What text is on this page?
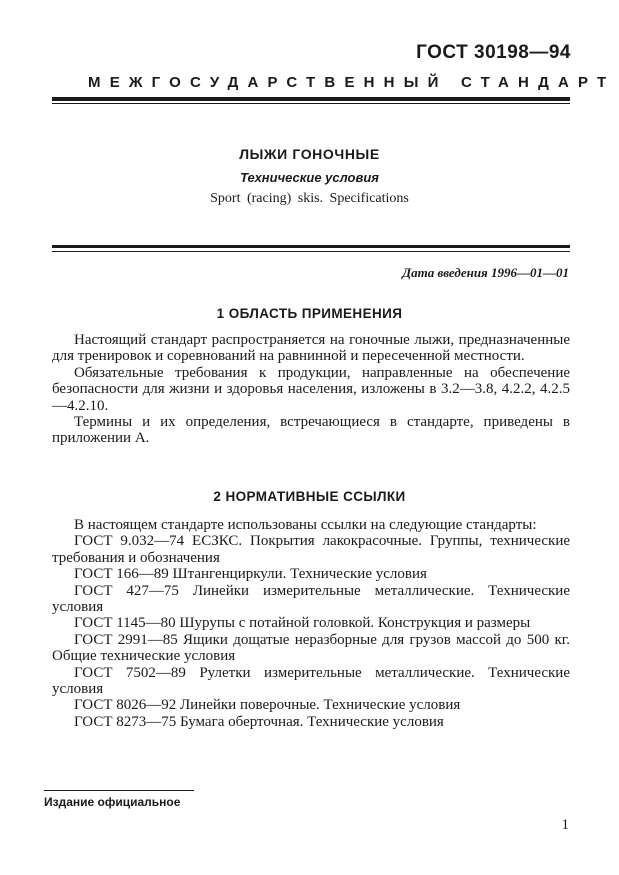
ГОСТ 30198—94
МЕЖГОСУДАРСТВЕННЫЙ СТАНДАРТ
ЛЫЖИ ГОНОЧНЫЕ
Технические условия
Sport (racing) skis. Specifications
Дата введения 1996—01—01
1 ОБЛАСТЬ ПРИМЕНЕНИЯ

Настоящий стандарт распространяется на гоночные лыжи, предназначенные для тренировок и соревнований на равнинной и пересеченной местности.

Обязательные требования к продукции, направленные на обеспечение безопасности для жизни и здоровья населения, изложены в 3.2—3.8, 4.2.2, 4.2.5—4.2.10.

Термины и их определения, встречающиеся в стандарте, приведены в приложении А.

2 НОРМАТИВНЫЕ ССЫЛКИ

В настоящем стандарте использованы ссылки на следующие стандарты:

ГОСТ 9.032—74 ЕСЗКС. Покрытия лакокрасочные. Группы, технические требования и обозначения

ГОСТ 166—89 Штангенциркули. Технические условия

ГОСТ 427—75 Линейки измерительные металлические. Технические условия

ГОСТ 1145—80 Шурупы с потайной головкой. Конструкция и размеры

ГОСТ 2991—85 Ящики дощатые неразборные для грузов массой до 500 кг. Общие технические условия

ГОСТ 7502—89 Рулетки измерительные металлические. Технические условия

ГОСТ 8026—92 Линейки поверочные. Технические условия

ГОСТ 8273—75 Бумага оберточная. Технические условия

Издание официальное
1
